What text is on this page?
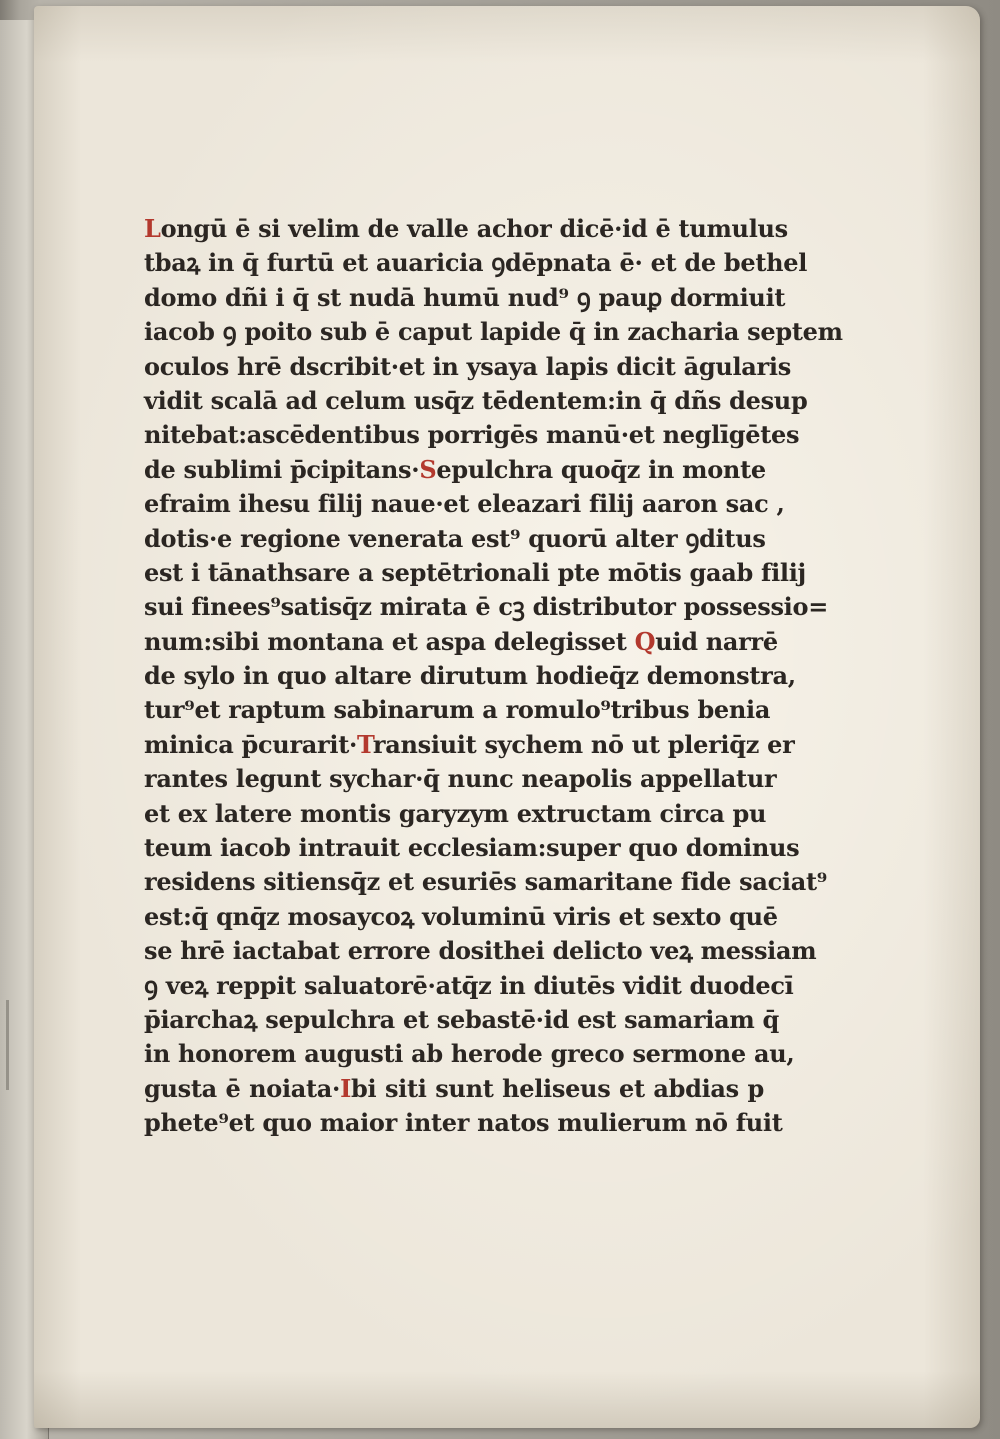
Longū ē si velim de valle achor dicē·id ē tumulus
tbaꝝ in q̄ furtū et auaricia ꝯdēpnata ē· et de bethel
domo dñi i q̄ st nudā humū nud⁹ ꝯ pauꝑ dormiuit
iacob ꝯ poito sub ē caput lapide q̄ in zacharia septem
oculos hrē dscribit·et in ysaya lapis dicit āgularis
vidit scalā ad celum usq̄z tēdentem:in q̄ dñs desup
nitebat:ascēdentibus porrigēs manū·et neglīgētes
de sublimi p̄cipitans·Sepulchra quoq̄z in monte
efraim ihesu filij naue·et eleazari filij aaron sac ,
dotis·e regione venerata est⁹ quorū alter ꝯditus
est i tānathsare a septētrionali pte mōtis gaab filij
sui finees⁹satisq̄z mirata ē cꝫ distributor possessio=
num:sibi montana et aspa delegisset Quid narrē
de sylo in quo altare dirutum hodieq̄z demonstra,
tur⁹et raptum sabinarum a romulo⁹tribus benia
minica p̄curarit·Transiuit sychem nō ut pleriq̄z er
rantes legunt sychar·q̄ nunc neapolis appellatur
et ex latere montis garyzym extructam circa pu
teum iacob intrauit ecclesiam:super quo dominus
residens sitiensq̄z et esuriēs samaritane fide saciat⁹
est:q̄ qnq̄z mosaycoꝝ voluminū viris et sexto quē
se hrē iactabat errore dosithei delicto veꝝ messiam
ꝯ veꝝ reppit saluatorē·atq̄z in diutēs vidit duodecī
p̄iarchaꝝ sepulchra et sebastē·id est samariam q̄
in honorem augusti ab herode greco sermone au,
gusta ē noiata·Ibi siti sunt heliseus et abdias p
phete⁹et quo maior inter natos mulierum nō fuit
